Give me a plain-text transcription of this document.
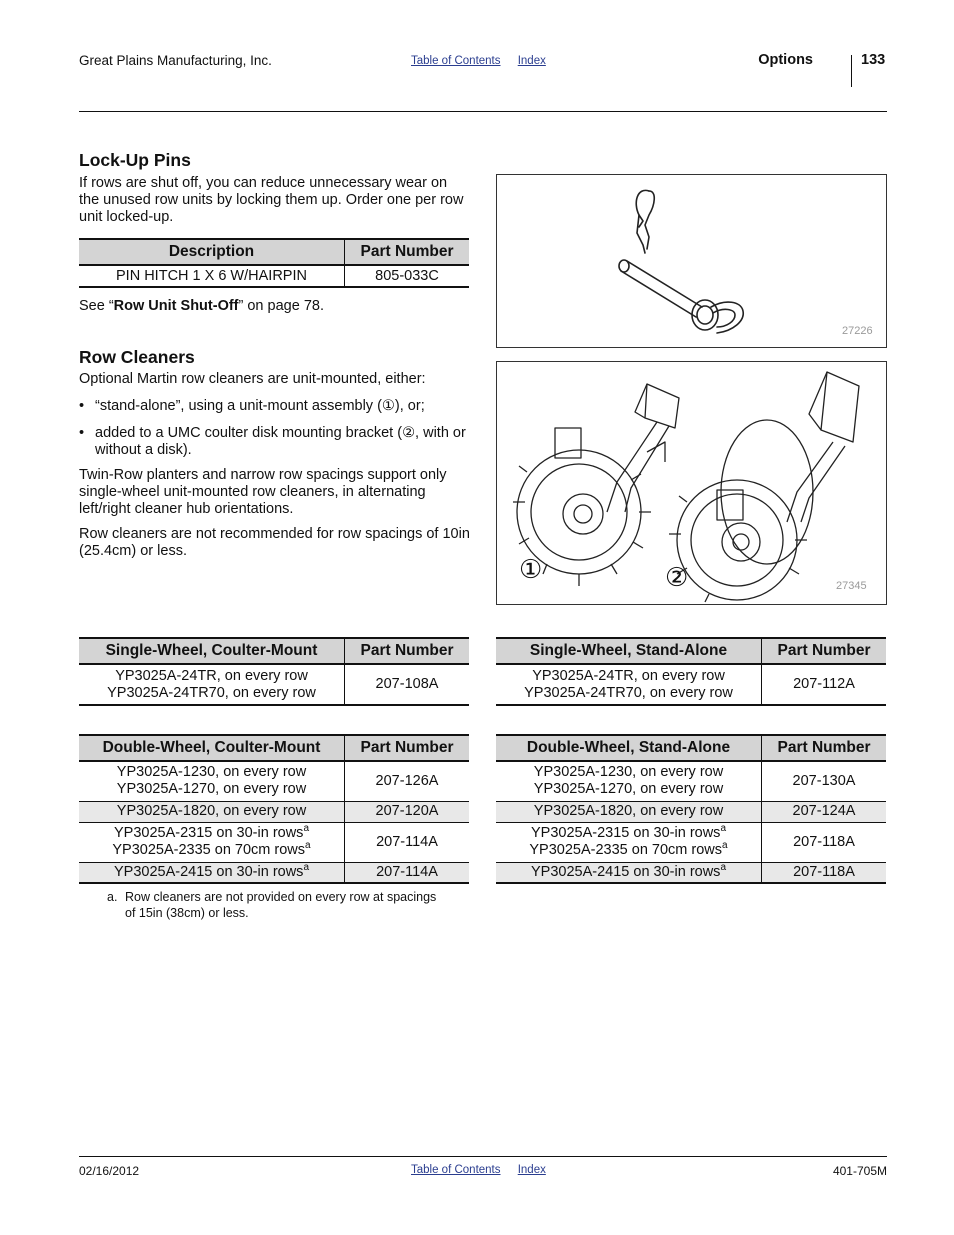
Great Plains Manufacturing, Inc.	Table of Contents Index	Options	133
Lock-Up Pins

If rows are shut off, you can reduce unnecessary wear on the unused row units by locking them up. Order one per row unit locked-up.

Description	Part Number
PIN HITCH 1 X 6 W/HAIRPIN	805-033C
See “Row Unit Shut-Off” on page 78.
27226
Row Cleaners

Optional Martin row cleaners are unit-mounted, either:

• “stand-alone”, using a unit-mount assembly (①), or;

• added to a UMC coulter disk mounting bracket (②, with or without a disk).

Twin-Row planters and narrow row spacings support only single-wheel unit-mounted row cleaners, in alternating left/right cleaner hub orientations.

Row cleaners are not recommended for row spacings of 10in (25.4cm) or less.

①	②	27345
Single-Wheel, Coulter-Mount	Part Number

YP3025A-24TR, on every row
YP3025A-24TR70, on every row	207-108A
Single-Wheel, Stand-Alone	Part Number

YP3025A-24TR, on every row
YP3025A-24TR70, on every row	207-112A
Double-Wheel, Coulter-Mount	Part Number

YP3025A-1230, on every row
YP3025A-1270, on every row	207-126A
YP3025A-1820, on every row	207-120A

YP3025A-2315 on 30-in rows$^a$
YP3025A-2335 on 70cm rows$^a$	207-114A
YP3025A-2415 on 30-in rows$^a$	207-114A
Double-Wheel, Stand-Alone	Part Number

YP3025A-1230, on every row
YP3025A-1270, on every row	207-130A
YP3025A-1820, on every row	207-124A

YP3025A-2315 on 30-in rows$^a$
YP3025A-2335 on 70cm rows$^a$	207-118A
YP3025A-2415 on 30-in rows$^a$	207-118A
a. Row cleaners are not provided on every row at spacings of 15in (38cm) or less.
02/16/2012	Table of Contents Index	401-705M
